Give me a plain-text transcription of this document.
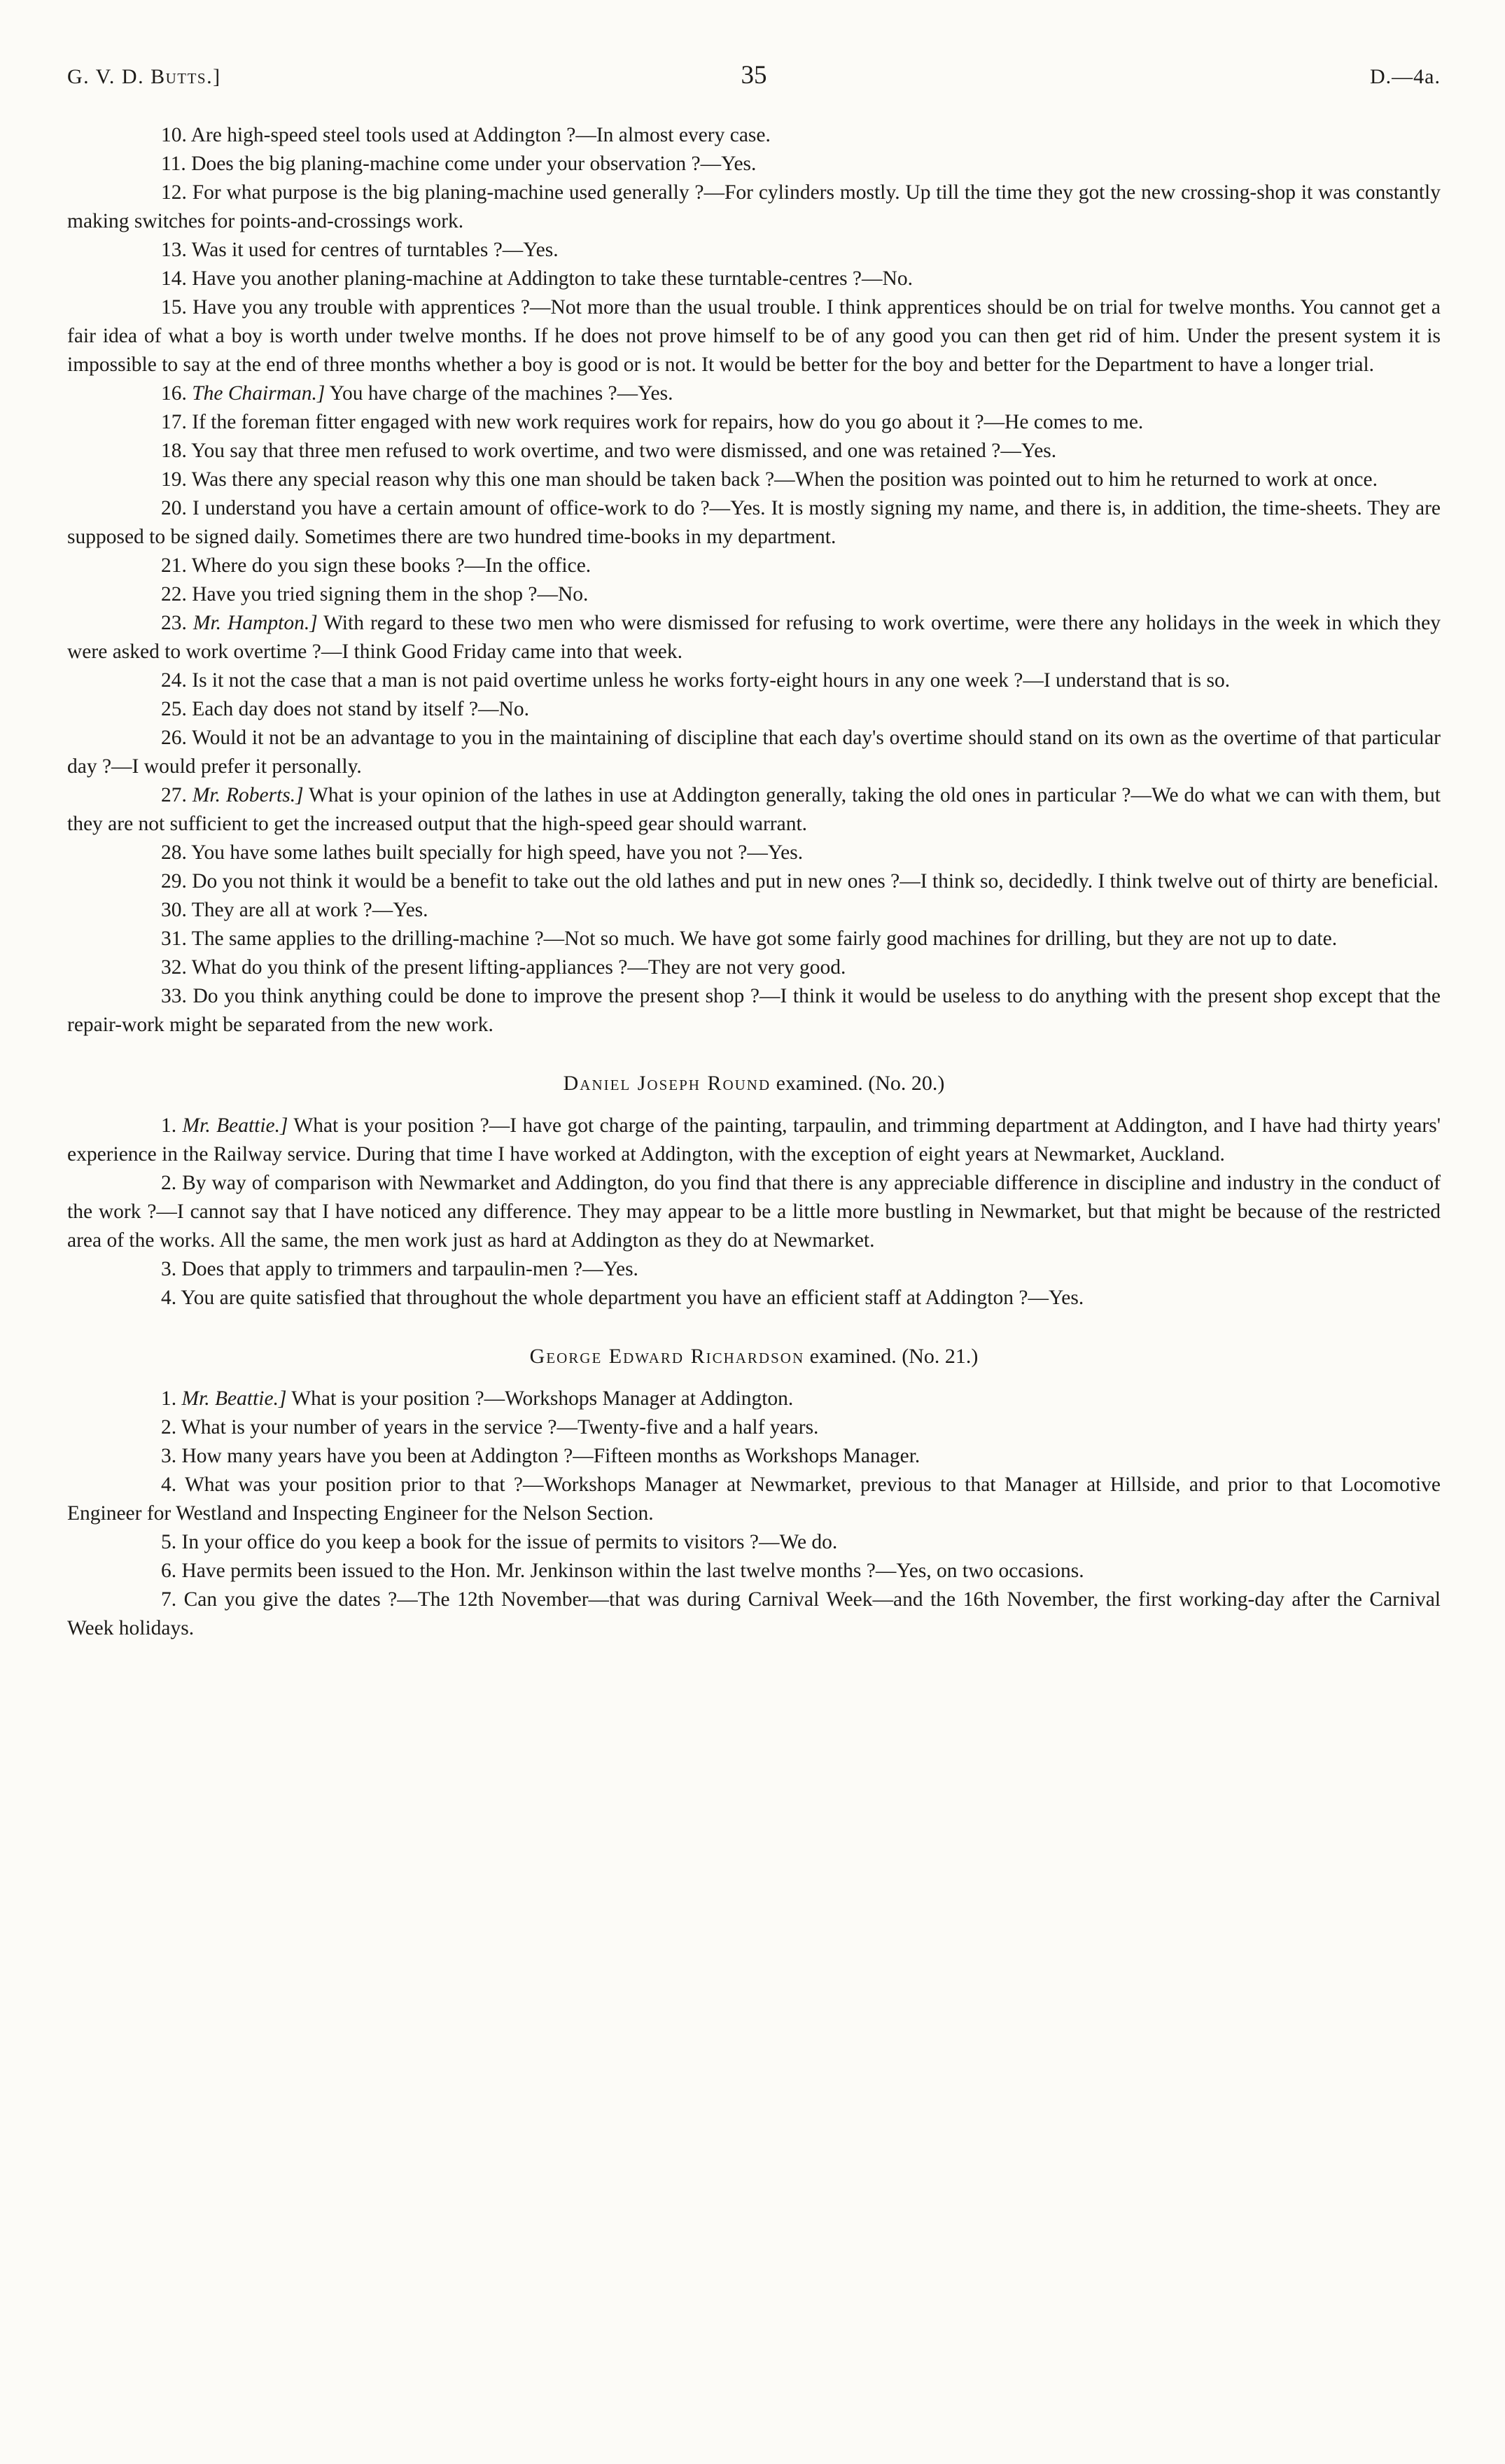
G. V. D. Butts.]	35	D.—4a.

10. Are high-speed steel tools used at Addington ?—In almost every case.

11. Does the big planing-machine come under your observation ?—Yes.

12. For what purpose is the big planing-machine used generally ?—For cylinders mostly. Up till the time they got the new crossing-shop it was constantly making switches for points-and-crossings work.

13. Was it used for centres of turntables ?—Yes.

14. Have you another planing-machine at Addington to take these turntable-centres ?—No.

15. Have you any trouble with apprentices ?—Not more than the usual trouble. I think apprentices should be on trial for twelve months. You cannot get a fair idea of what a boy is worth under twelve months. If he does not prove himself to be of any good you can then get rid of him. Under the present system it is impossible to say at the end of three months whether a boy is good or is not. It would be better for the boy and better for the Department to have a longer trial.

16. The Chairman.] You have charge of the machines ?—Yes.

17. If the foreman fitter engaged with new work requires work for repairs, how do you go about it ?—He comes to me.

18. You say that three men refused to work overtime, and two were dismissed, and one was retained ?—Yes.

19. Was there any special reason why this one man should be taken back ?—When the position was pointed out to him he returned to work at once.

20. I understand you have a certain amount of office-work to do ?—Yes. It is mostly signing my name, and there is, in addition, the time-sheets. They are supposed to be signed daily. Sometimes there are two hundred time-books in my department.

21. Where do you sign these books ?—In the office.

22. Have you tried signing them in the shop ?—No.

23. Mr. Hampton.] With regard to these two men who were dismissed for refusing to work overtime, were there any holidays in the week in which they were asked to work overtime ?—I think Good Friday came into that week.

24. Is it not the case that a man is not paid overtime unless he works forty-eight hours in any one week ?—I understand that is so.

25. Each day does not stand by itself ?—No.

26. Would it not be an advantage to you in the maintaining of discipline that each day's overtime should stand on its own as the overtime of that particular day ?—I would prefer it personally.

27. Mr. Roberts.] What is your opinion of the lathes in use at Addington generally, taking the old ones in particular ?—We do what we can with them, but they are not sufficient to get the increased output that the high-speed gear should warrant.

28. You have some lathes built specially for high speed, have you not ?—Yes.

29. Do you not think it would be a benefit to take out the old lathes and put in new ones ?—I think so, decidedly. I think twelve out of thirty are beneficial.

30. They are all at work ?—Yes.

31. The same applies to the drilling-machine ?—Not so much. We have got some fairly good machines for drilling, but they are not up to date.

32. What do you think of the present lifting-appliances ?—They are not very good.

33. Do you think anything could be done to improve the present shop ?—I think it would be useless to do anything with the present shop except that the repair-work might be separated from the new work.

Daniel Joseph Round examined. (No. 20.)

1. Mr. Beattie.] What is your position ?—I have got charge of the painting, tarpaulin, and trimming department at Addington, and I have had thirty years' experience in the Railway service. During that time I have worked at Addington, with the exception of eight years at Newmarket, Auckland.

2. By way of comparison with Newmarket and Addington, do you find that there is any appreciable difference in discipline and industry in the conduct of the work ?—I cannot say that I have noticed any difference. They may appear to be a little more bustling in Newmarket, but that might be because of the restricted area of the works. All the same, the men work just as hard at Addington as they do at Newmarket.

3. Does that apply to trimmers and tarpaulin-men ?—Yes.

4. You are quite satisfied that throughout the whole department you have an efficient staff at Addington ?—Yes.

George Edward Richardson examined. (No. 21.)

1. Mr. Beattie.] What is your position ?—Workshops Manager at Addington.

2. What is your number of years in the service ?—Twenty-five and a half years.

3. How many years have you been at Addington ?—Fifteen months as Workshops Manager.

4. What was your position prior to that ?—Workshops Manager at Newmarket, previous to that Manager at Hillside, and prior to that Locomotive Engineer for Westland and Inspecting Engineer for the Nelson Section.

5. In your office do you keep a book for the issue of permits to visitors ?—We do.

6. Have permits been issued to the Hon. Mr. Jenkinson within the last twelve months ?—Yes, on two occasions.

7. Can you give the dates ?—The 12th November—that was during Carnival Week—and the 16th November, the first working-day after the Carnival Week holidays.
